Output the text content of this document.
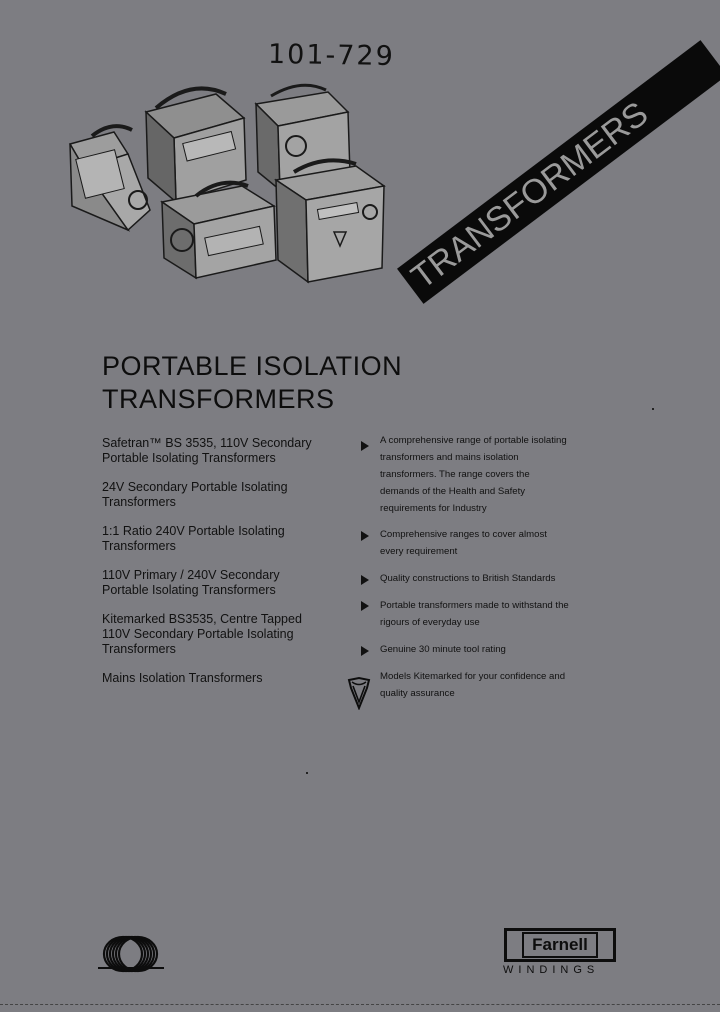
101-729
TRANSFORMERS
PORTABLE ISOLATION
TRANSFORMERS
Safetran™ BS 3535, 110V Secondary
Portable Isolating Transformers
24V Secondary Portable Isolating
Transformers
1:1 Ratio 240V Portable Isolating
Transformers
110V Primary / 240V Secondary
Portable Isolating Transformers
Kitemarked BS3535, Centre Tapped
110V Secondary Portable Isolating
Transformers
Mains Isolation Transformers
A comprehensive range of portable isolating
transformers and mains isolation
transformers. The range covers the
demands of the Health and Safety
requirements for Industry
Comprehensive ranges to cover almost
every requirement
Quality constructions to British Standards
Portable transformers made to withstand the
rigours of everyday use
Genuine 30 minute tool rating
Models Kitemarked for your confidence and
quality assurance
Farnell
WINDINGS
